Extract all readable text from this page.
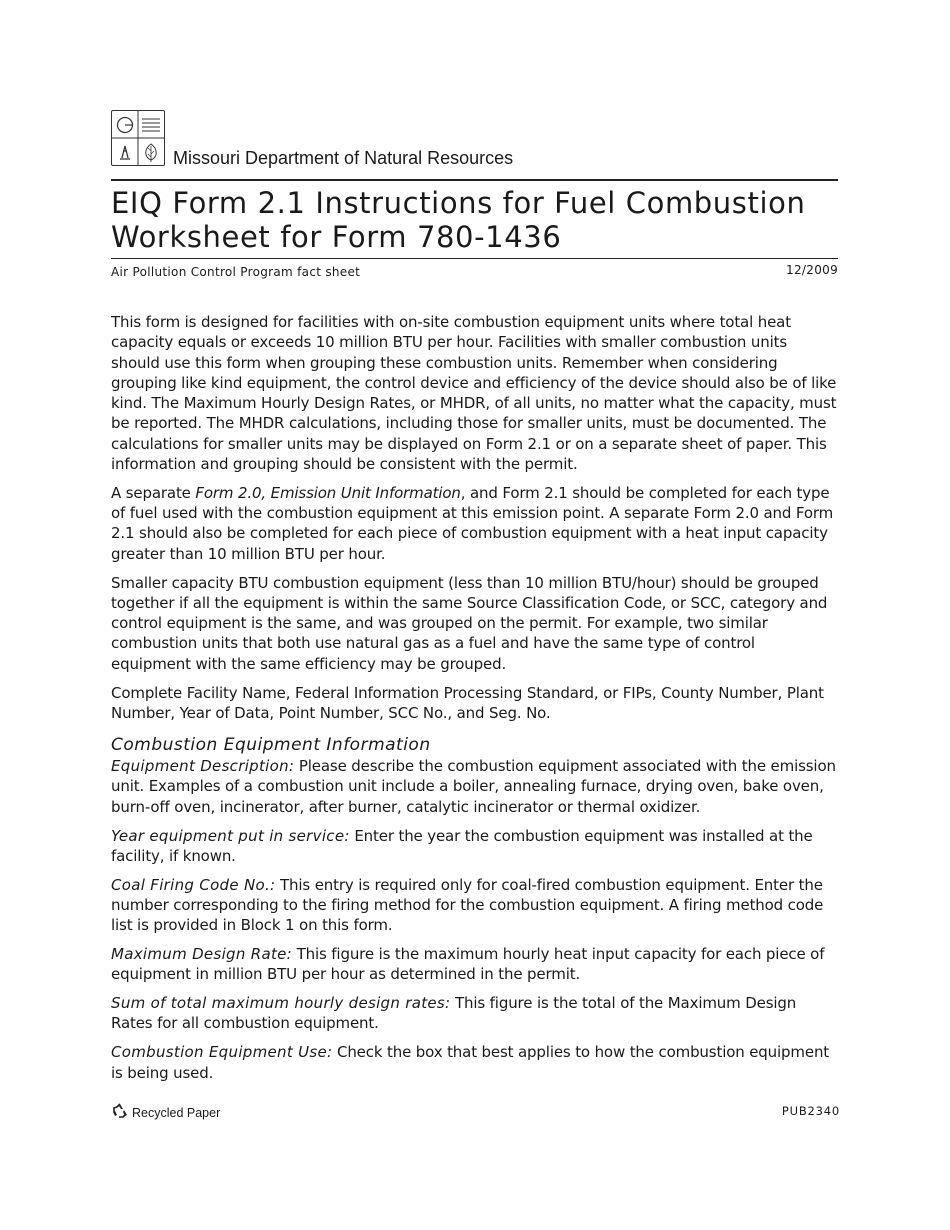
Missouri Department of Natural Resources
EIQ Form 2.1 Instructions for Fuel Combustion
Worksheet for Form 780-1436
Air Pollution Control Program fact sheet	12/2009

This form is designed for facilities with on-site combustion equipment units where total heat capacity equals or exceeds 10 million BTU per hour. Facilities with smaller combustion units should use this form when grouping these combustion units. Remember when considering grouping like kind equipment, the control device and efficiency of the device should also be of like kind. The Maximum Hourly Design Rates, or MHDR, of all units, no matter what the capacity, must be reported. The MHDR calculations, including those for smaller units, must be documented. The calculations for smaller units may be displayed on Form 2.1 or on a separate sheet of paper. This information and grouping should be consistent with the permit.

A separate Form 2.0, Emission Unit Information, and Form 2.1 should be completed for each type of fuel used with the combustion equipment at this emission point. A separate Form 2.0 and Form 2.1 should also be completed for each piece of combustion equipment with a heat input capacity greater than 10 million BTU per hour.

Smaller capacity BTU combustion equipment (less than 10 million BTU/hour) should be grouped together if all the equipment is within the same Source Classification Code, or SCC, category and control equipment is the same, and was grouped on the permit. For example, two similar combustion units that both use natural gas as a fuel and have the same type of control equipment with the same efficiency may be grouped.

Complete Facility Name, Federal Information Processing Standard, or FIPs, County Number, Plant Number, Year of Data, Point Number, SCC No., and Seg. No.

Combustion Equipment Information

Equipment Description: Please describe the combustion equipment associated with the emission unit. Examples of a combustion unit include a boiler, annealing furnace, drying oven, bake oven, burn-off oven, incinerator, after burner, catalytic incinerator or thermal oxidizer.

Year equipment put in service: Enter the year the combustion equipment was installed at the facility, if known.

Coal Firing Code No.: This entry is required only for coal-fired combustion equipment. Enter the number corresponding to the firing method for the combustion equipment. A firing method code list is provided in Block 1 on this form.

Maximum Design Rate: This figure is the maximum hourly heat input capacity for each piece of equipment in million BTU per hour as determined in the permit.

Sum of total maximum hourly design rates: This figure is the total of the Maximum Design Rates for all combustion equipment.

Combustion Equipment Use: Check the box that best applies to how the combustion equipment is being used.

Recycled Paper	PUB2340
